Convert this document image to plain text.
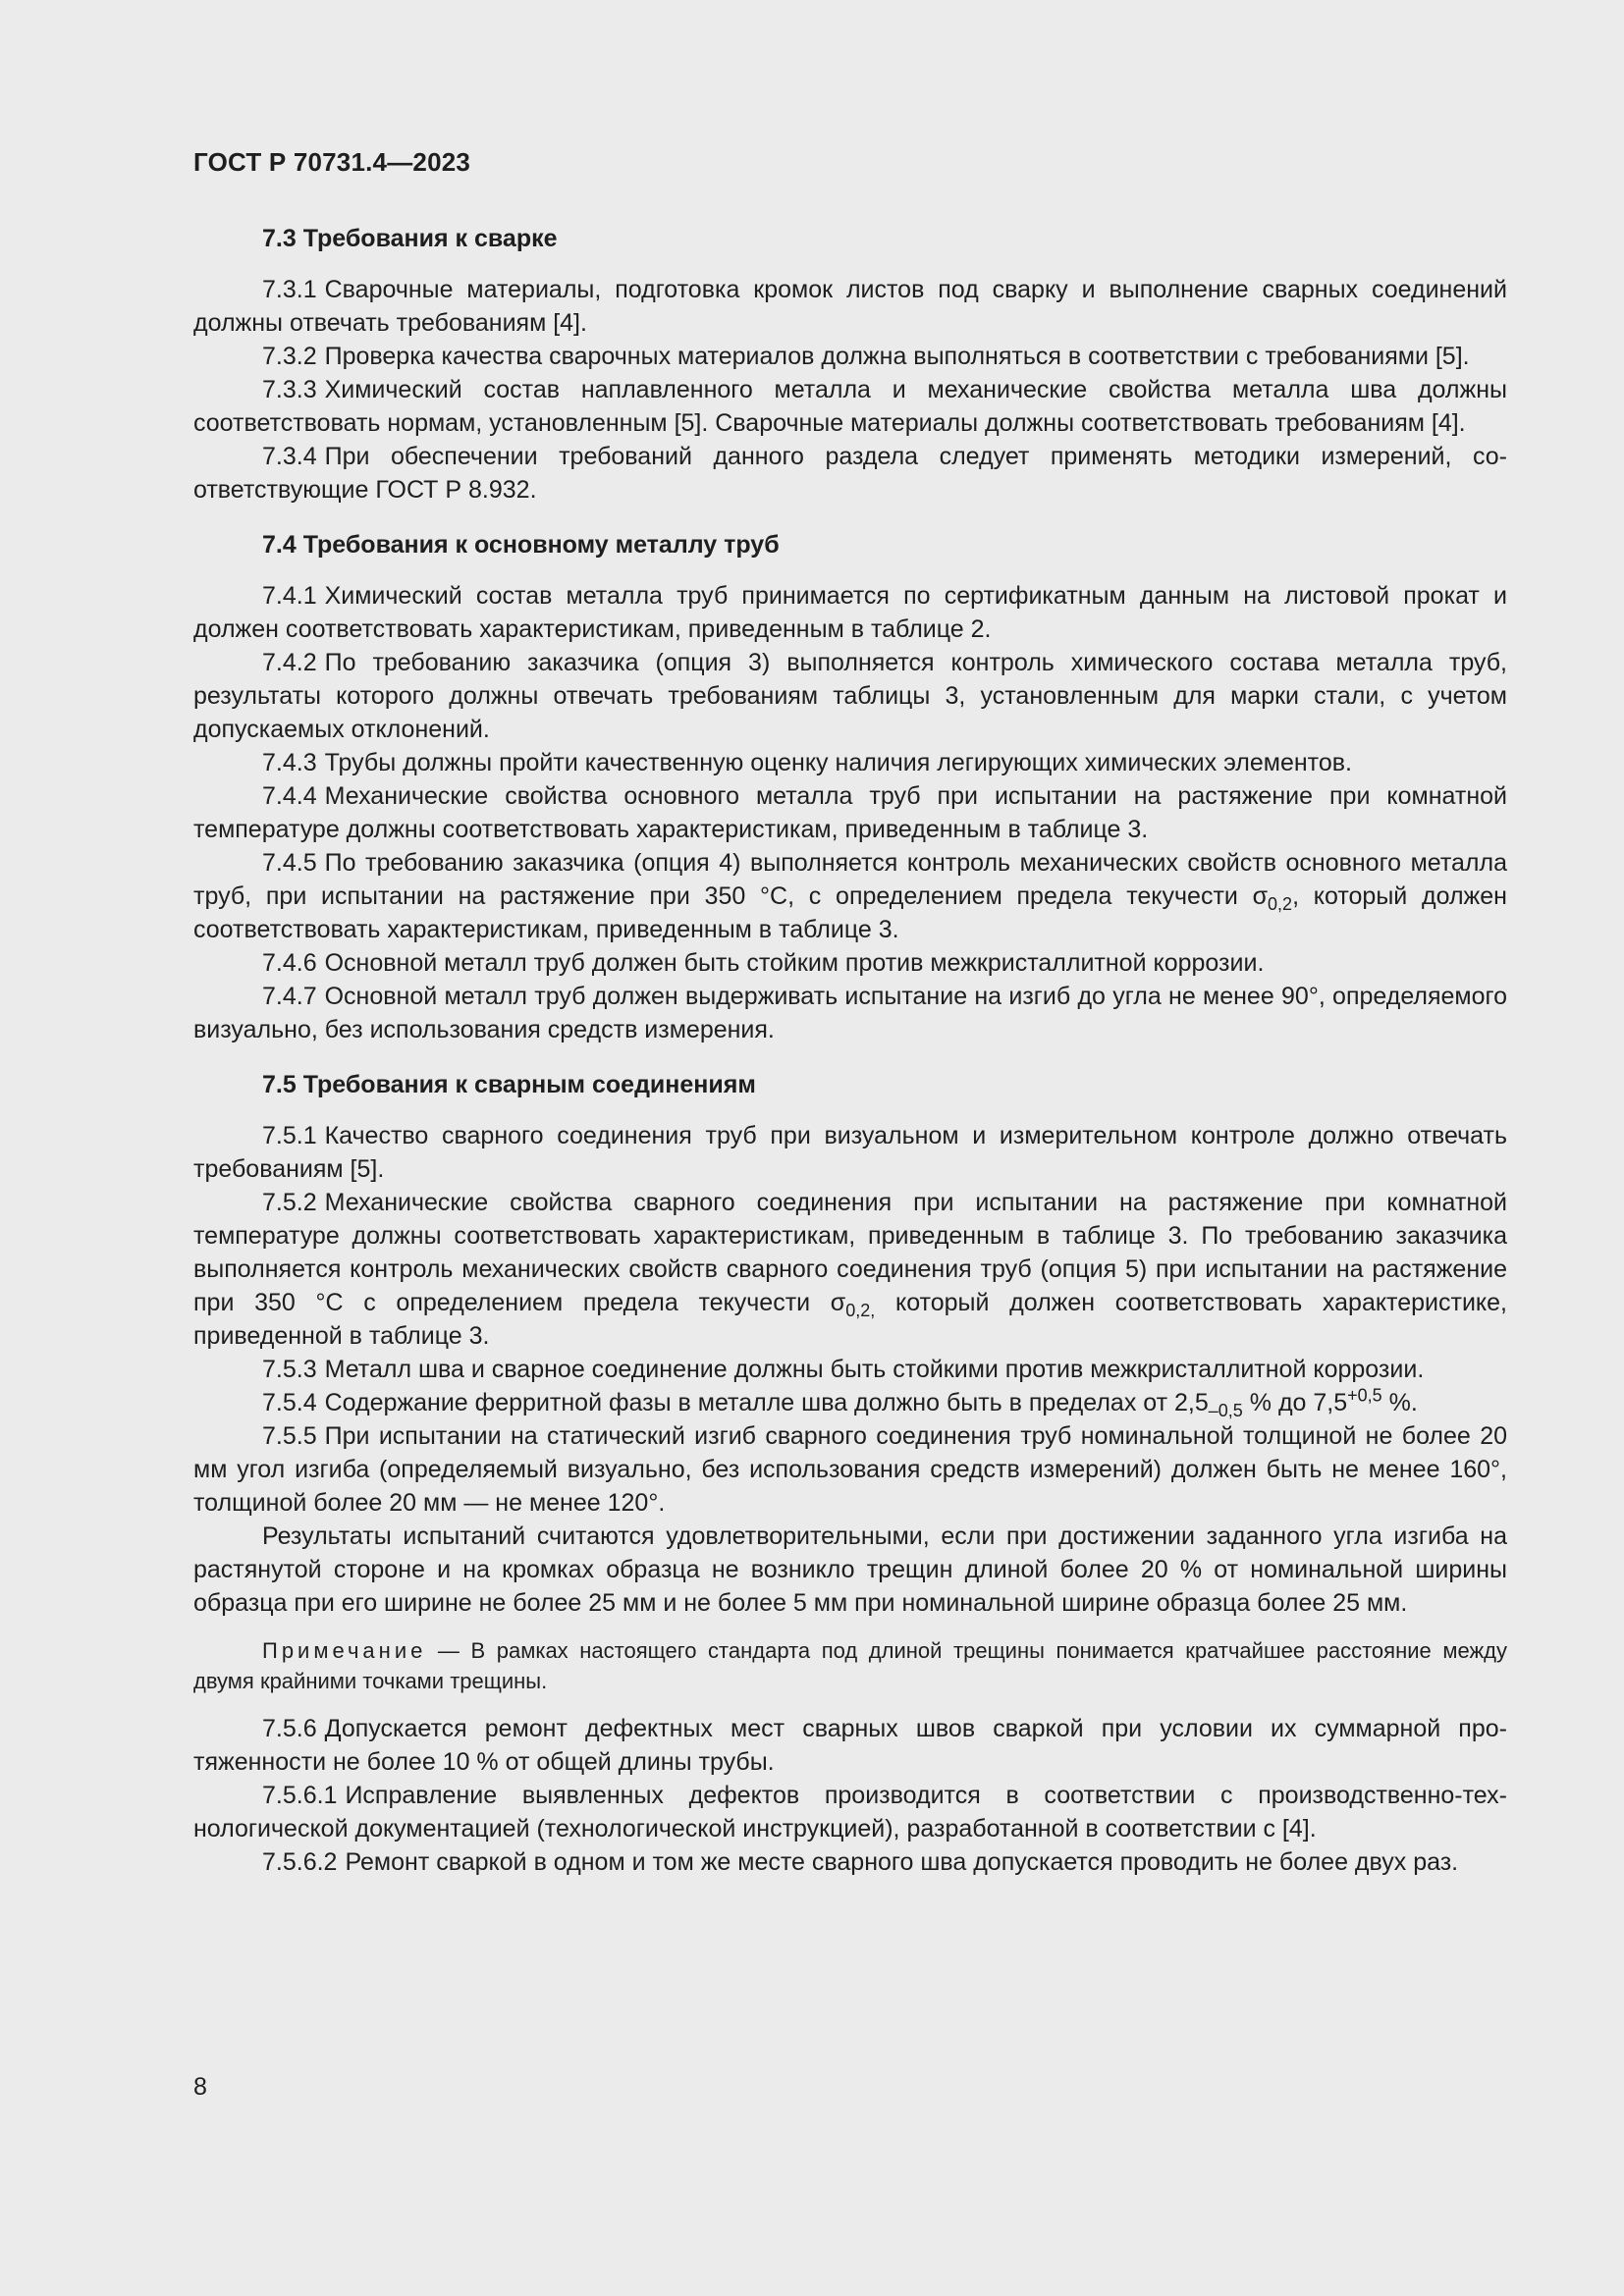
ГОСТ Р 70731.4—2023
7.3 Требования к сварке

7.3.1 Сварочные материалы, подготовка кромок листов под сварку и выполнение сварных соединений должны отвечать требованиям [4].

7.3.2 Проверка качества сварочных материалов должна выполняться в соответствии с требованиями [5].

7.3.3 Химический состав наплавленного металла и механические свойства металла шва должны соответствовать нормам, установленным [5]. Сварочные материалы должны соответствовать требованиям [4].

7.3.4 При обеспечении требований данного раздела следует применять методики измерений, соответствующие ГОСТ Р 8.932.

7.4 Требования к основному металлу труб

7.4.1 Химический состав металла труб принимается по сертификатным данным на листовой прокат и должен соответствовать характеристикам, приведенным в таблице 2.

7.4.2 По требованию заказчика (опция 3) выполняется контроль химического состава металла труб, результаты которого должны отвечать требованиям таблицы 3, установленным для марки стали, с учетом допускаемых отклонений.

7.4.3 Трубы должны пройти качественную оценку наличия легирующих химических элементов.

7.4.4 Механические свойства основного металла труб при испытании на растяжение при комнатной температуре должны соответствовать характеристикам, приведенным в таблице 3.

7.4.5 По требованию заказчика (опция 4) выполняется контроль механических свойств основного металла труб, при испытании на растяжение при 350 °С, с определением предела текучести $\sigma_{0,2}$, который должен соответствовать характеристикам, приведенным в таблице 3.

7.4.6 Основной металл труб должен быть стойким против межкристаллитной коррозии.

7.4.7 Основной металл труб должен выдерживать испытание на изгиб до угла не менее 90°, определяемого визуально, без использования средств измерения.

7.5 Требования к сварным соединениям

7.5.1 Качество сварного соединения труб при визуальном и измерительном контроле должно отвечать требованиям [5].

7.5.2 Механические свойства сварного соединения при испытании на растяжение при комнатной температуре должны соответствовать характеристикам, приведенным в таблице 3. По требованию заказчика выполняется контроль механических свойств сварного соединения труб (опция 5) при испытании на растяжение при 350 °С с определением предела текучести $\sigma_{0,2,}$ который должен соответствовать характеристике, приведенной в таблице 3.

7.5.3 Металл шва и сварное соединение должны быть стойкими против межкристаллитной коррозии.

7.5.4 Содержание ферритной фазы в металле шва должно быть в пределах от $2,5_{-0,5}$ % до $7,5^{+0,5}$ %.

7.5.5 При испытании на статический изгиб сварного соединения труб номинальной толщиной не более 20 мм угол изгиба (определяемый визуально, без использования средств измерений) должен быть не менее 160°, толщиной более 20 мм — не менее 120°.

Результаты испытаний считаются удовлетворительными, если при достижении заданного угла изгиба на растянутой стороне и на кромках образца не возникло трещин длиной более 20 % от номинальной ширины образца при его ширине не более 25 мм и не более 5 мм при номинальной ширине образца более 25 мм.

Примечание — В рамках настоящего стандарта под длиной трещины понимается кратчайшее расстояние между двумя крайними точками трещины.

7.5.6 Допускается ремонт дефектных мест сварных швов сваркой при условии их суммарной протяженности не более 10 % от общей длины трубы.

7.5.6.1 Исправление выявленных дефектов производится в соответствии с производственно-технологической документацией (технологической инструкцией), разработанной в соответствии с [4].

7.5.6.2 Ремонт сваркой в одном и том же месте сварного шва допускается проводить не более двух раз.

8
